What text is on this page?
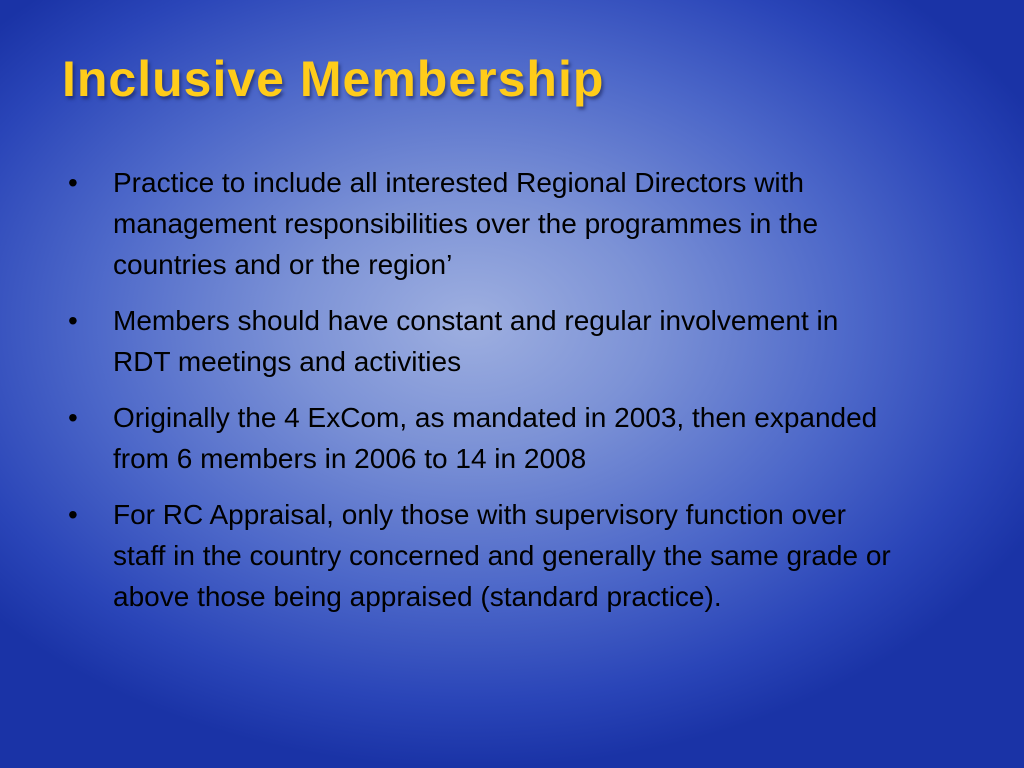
Inclusive Membership
• Practice to include all interested Regional Directors with management responsibilities over the programmes in the countries and or the region’
• Members should have constant and regular involvement in RDT meetings and activities
• Originally the 4 ExCom, as mandated in 2003, then expanded from 6 members in 2006 to 14 in 2008
• For RC Appraisal, only those with supervisory function over staff in the country concerned and generally the same grade or above those being appraised (standard practice).
